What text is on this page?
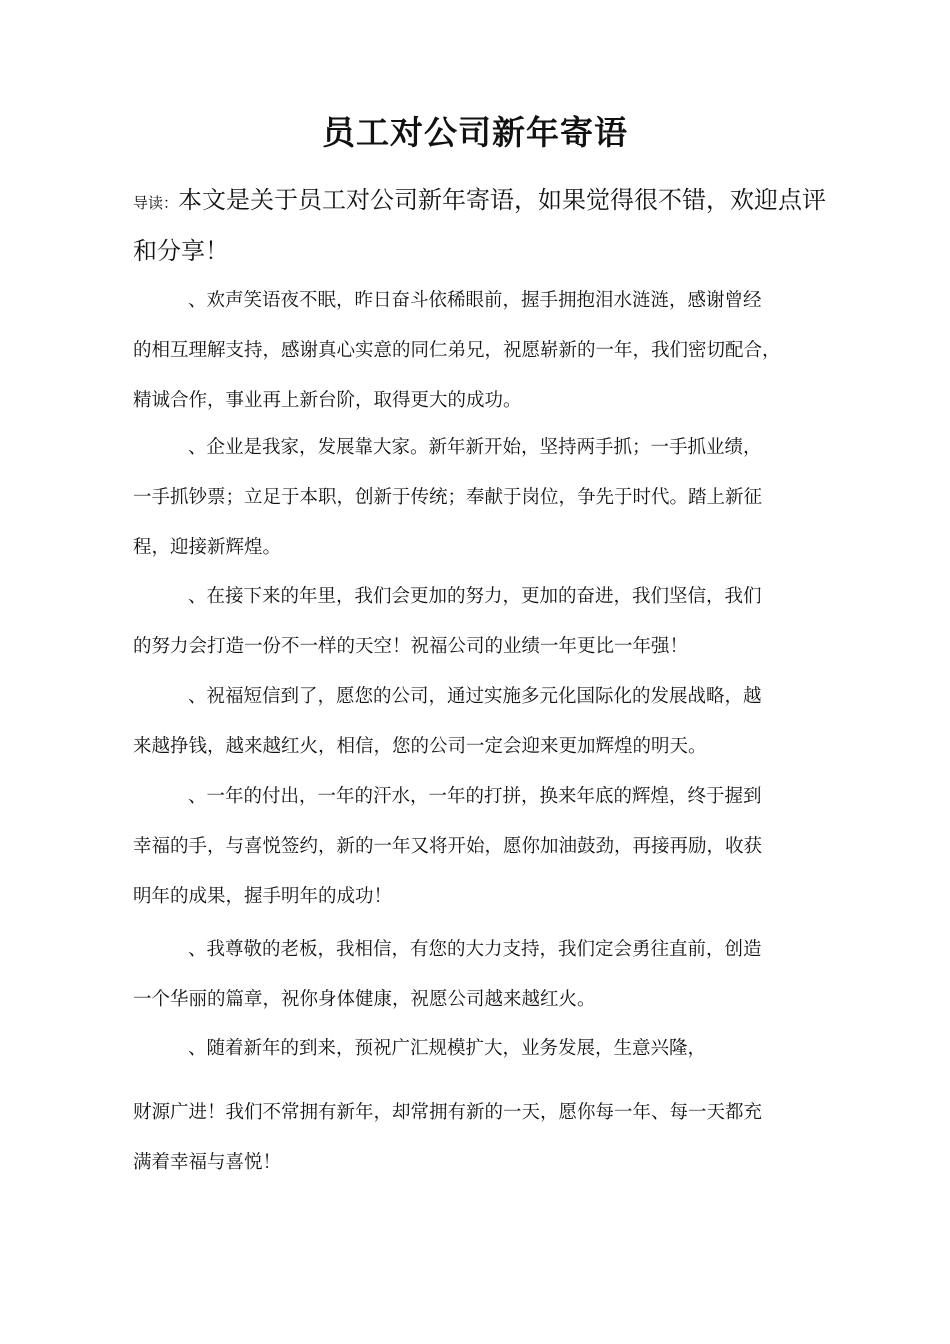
员工对公司新年寄语
导读：本文是关于员工对公司新年寄语，如果觉得很不错，欢迎点评和分享！
、欢声笑语夜不眠，昨日奋斗依稀眼前，握手拥抱泪水涟涟，感谢曾经
的相互理解支持，感谢真心实意的同仁弟兄，祝愿崭新的一年，我们密切配合，
精诚合作，事业再上新台阶，取得更大的成功。
、企业是我家，发展靠大家。新年新开始，坚持两手抓；一手抓业绩，
一手抓钞票；立足于本职，创新于传统；奉献于岗位，争先于时代。踏上新征
程，迎接新辉煌。
、在接下来的年里，我们会更加的努力，更加的奋进，我们坚信，我们
的努力会打造一份不一样的天空！祝福公司的业绩一年更比一年强！
、祝福短信到了，愿您的公司，通过实施多元化国际化的发展战略，越
来越挣钱，越来越红火，相信，您的公司一定会迎来更加辉煌的明天。
、一年的付出，一年的汗水，一年的打拼，换来年底的辉煌，终于握到
幸福的手，与喜悦签约，新的一年又将开始，愿你加油鼓劲，再接再励，收获
明年的成果，握手明年的成功！
、我尊敬的老板，我相信，有您的大力支持，我们定会勇往直前，创造
一个华丽的篇章，祝你身体健康，祝愿公司越来越红火。
、随着新年的到来，预祝广汇规模扩大，业务发展，生意兴隆，
财源广进！我们不常拥有新年，却常拥有新的一天，愿你每一年、每一天都充
满着幸福与喜悦！
